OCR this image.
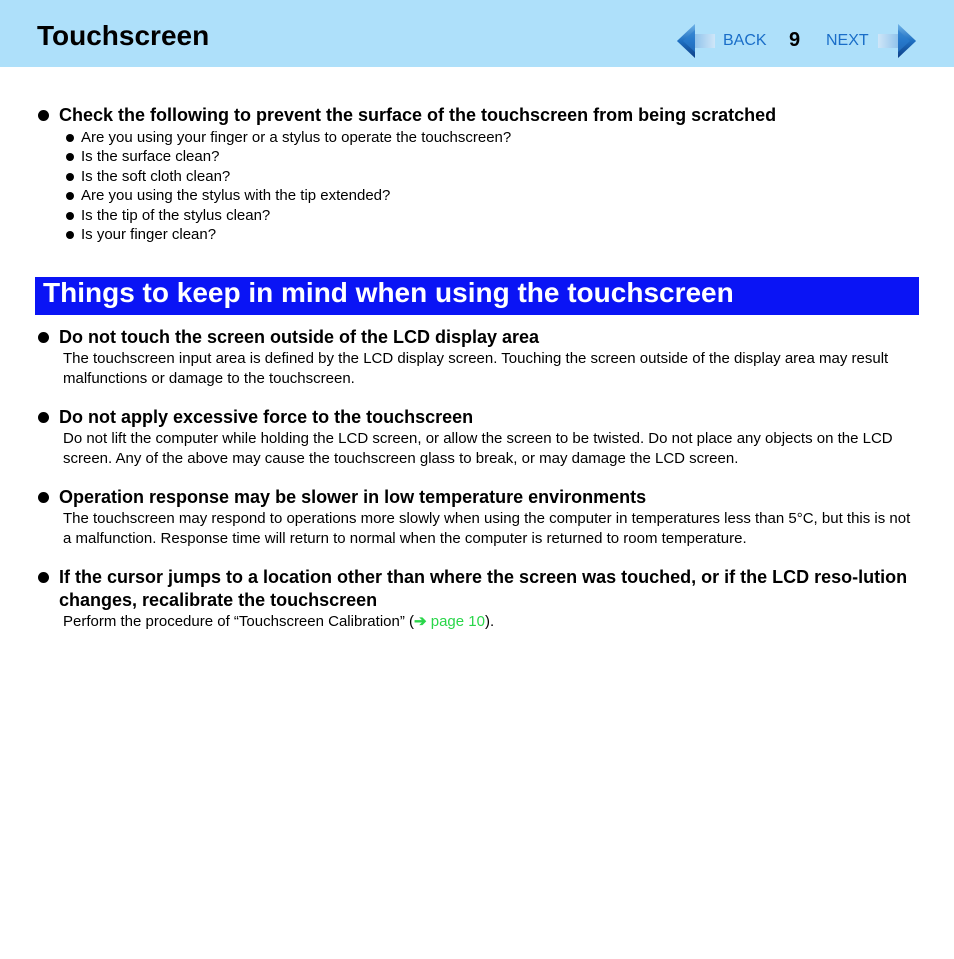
Touchscreen	BACK 9 NEXT
Check the following to prevent the surface of the touchscreen from being scratched
Are you using your finger or a stylus to operate the touchscreen?
Is the surface clean?
Is the soft cloth clean?
Are you using the stylus with the tip extended?
Is the tip of the stylus clean?
Is your finger clean?
Things to keep in mind when using the touchscreen
Do not touch the screen outside of the LCD display area
The touchscreen input area is defined by the LCD display screen. Touching the screen outside of the display area may result malfunctions or damage to the touchscreen.
Do not apply excessive force to the touchscreen
Do not lift the computer while holding the LCD screen, or allow the screen to be twisted. Do not place any objects on the LCD screen. Any of the above may cause the touchscreen glass to break, or may damage the LCD screen.
Operation response may be slower in low temperature environments
The touchscreen may respond to operations more slowly when using the computer in temperatures less than 5°C, but this is not a malfunction. Response time will return to normal when the computer is returned to room temperature.
If the cursor jumps to a location other than where the screen was touched, or if the LCD reso-lution changes, recalibrate the touchscreen
Perform the procedure of “Touchscreen Calibration” (➔ page 10).
